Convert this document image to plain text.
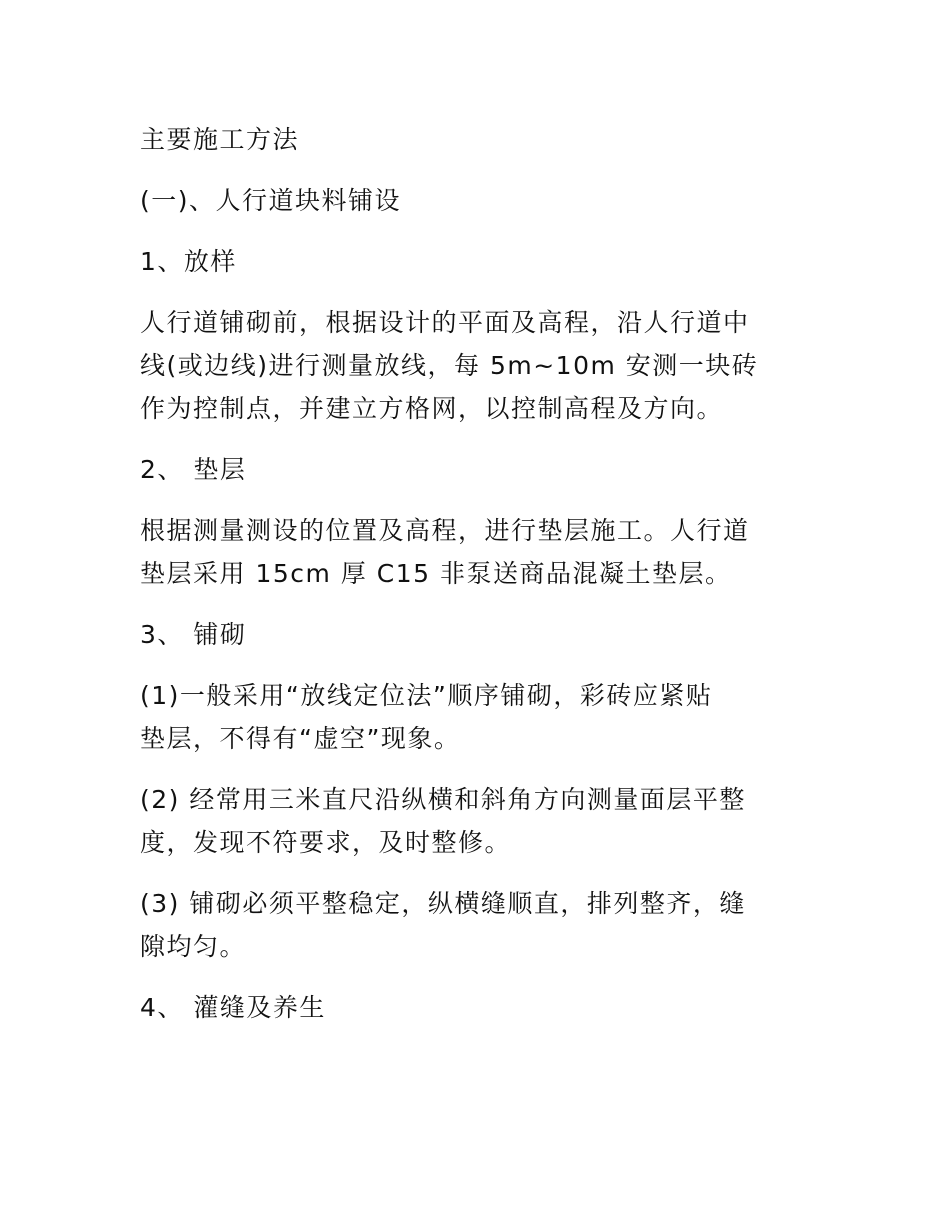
主要施工方法

(一)、人行道块料铺设

1、放样

人行道铺砌前，根据设计的平面及高程，沿人行道中
线(或边线)进行测量放线，每 5m~10m 安测一块砖
作为控制点，并建立方格网，以控制高程及方向。

2、 垫层

根据测量测设的位置及高程，进行垫层施工。人行道
垫层采用 15cm 厚 C15 非泵送商品混凝土垫层。

3、 铺砌

(1)一般采用“放线定位法”顺序铺砌，彩砖应紧贴
垫层，不得有“虚空”现象。

(2) 经常用三米直尺沿纵横和斜角方向测量面层平整
度，发现不符要求，及时整修。

(3) 铺砌必须平整稳定，纵横缝顺直，排列整齐，缝
隙均匀。

4、 灌缝及养生
